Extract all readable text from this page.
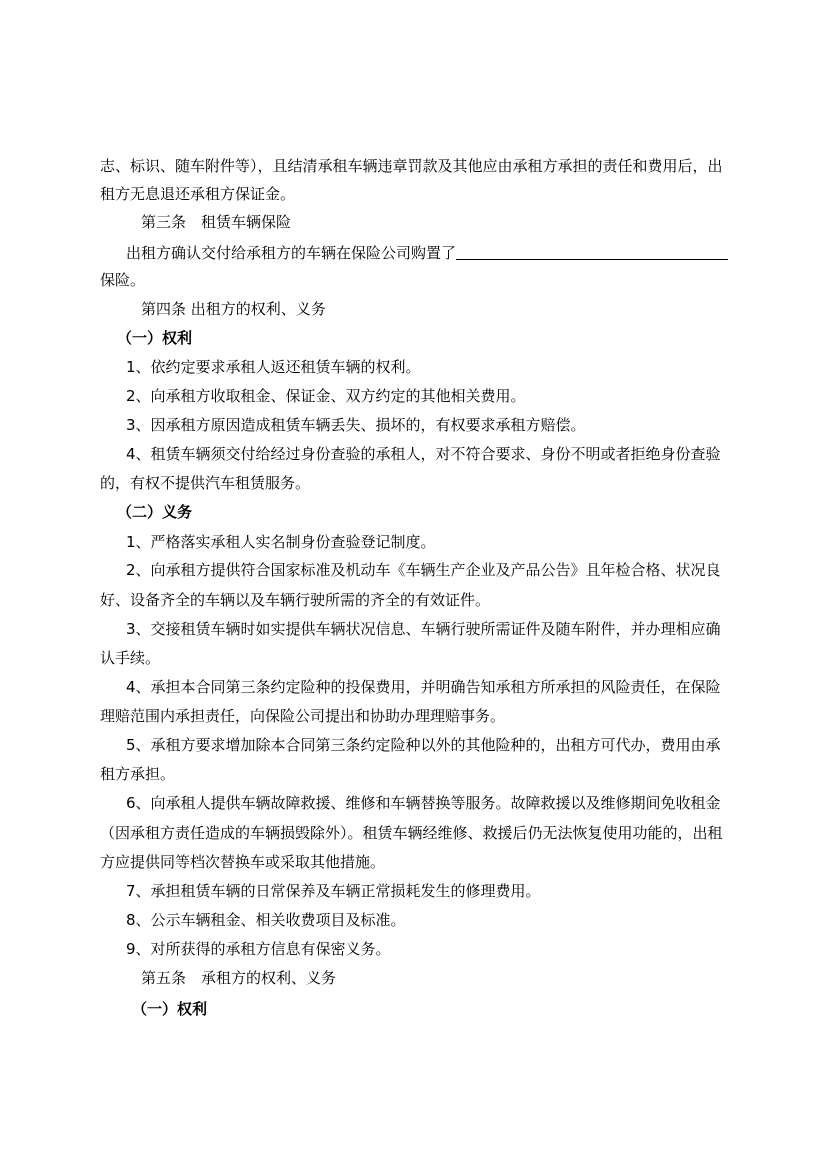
志、标识、随车附件等），且结清承租车辆违章罚款及其他应由承租方承担的责任和费用后，出
租方无息退还承租方保证金。
第三条　租赁车辆保险
出租方确认交付给承租方的车辆在保险公司购置了
保险。
第四条 出租方的权利、义务
（一）权利
1、依约定要求承租人返还租赁车辆的权利。
2、向承租方收取租金、保证金、双方约定的其他相关费用。
3、因承租方原因造成租赁车辆丢失、损坏的，有权要求承租方赔偿。
4、租赁车辆须交付给经过身份查验的承租人，对不符合要求、身份不明或者拒绝身份查验
的，有权不提供汽车租赁服务。
（二）义务
1、严格落实承租人实名制身份查验登记制度。
2、向承租方提供符合国家标准及机动车《车辆生产企业及产品公告》且年检合格、状况良
好、设备齐全的车辆以及车辆行驶所需的齐全的有效证件。
3、交接租赁车辆时如实提供车辆状况信息、车辆行驶所需证件及随车附件，并办理相应确
认手续。
4、承担本合同第三条约定险种的投保费用，并明确告知承租方所承担的风险责任，在保险
理赔范围内承担责任，向保险公司提出和协助办理理赔事务。
5、承租方要求增加除本合同第三条约定险种以外的其他险种的，出租方可代办，费用由承
租方承担。
6、向承租人提供车辆故障救援、维修和车辆替换等服务。故障救援以及维修期间免收租金
（因承租方责任造成的车辆损毁除外）。租赁车辆经维修、救援后仍无法恢复使用功能的，出租
方应提供同等档次替换车或采取其他措施。
7、承担租赁车辆的日常保养及车辆正常损耗发生的修理费用。
8、公示车辆租金、相关收费项目及标准。
9、对所获得的承租方信息有保密义务。
第五条　承租方的权利、义务
（一）权利
